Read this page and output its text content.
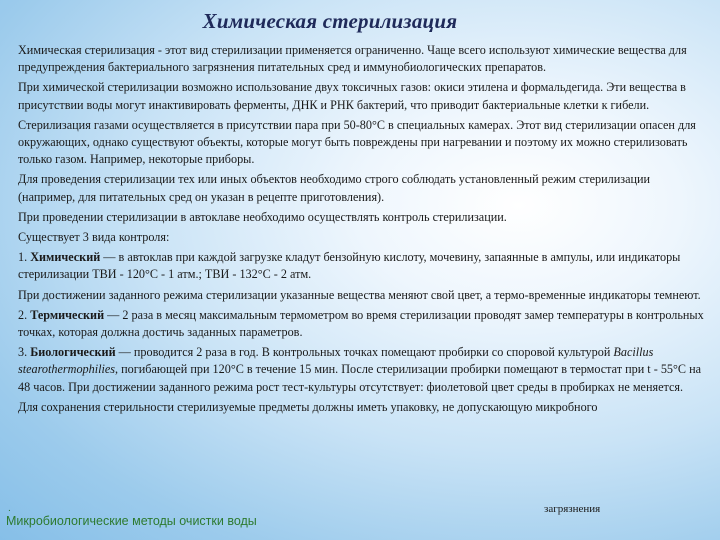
Химическая стерилизация

Химическая стерилизация - этот вид стерилизации применяется ограниченно. Чаще всего используют химические вещества для предупреждения бактериального загрязнения питательных сред и иммунобиологических препаратов.

При химической стерилизации возможно использование двух токсичных газов: окиси этилена и формальдегида. Эти вещества в присутствии воды могут инактивировать ферменты, ДНК и РНК бактерий, что приводит бактериальные клетки к гибели.

Стерилизация газами осуществляется в присутствии пара при 50-80°С в специальных камерах. Этот вид стерилизации опасен для окружающих, однако существуют объекты, которые могут быть повреждены при нагревании и поэтому их можно стерилизовать только газом. Например, некоторые приборы.

Для проведения стерилизации тех или иных объектов необходимо строго соблюдать установленный режим стерилизации (например, для питательных сред он указан в рецепте приготовления).

При проведении стерилизации в автоклаве необходимо осуществлять контроль стерилизации.

Существует 3 вида контроля:

1. Химический — в автоклав при каждой загрузке кладут бензойную кислоту, мочевину, запаянные в ампулы, или индикаторы стерилизации ТВИ - 120°С - 1 атм.; ТВИ - 132°С - 2 атм.

При достижении заданного режима стерилизации указанные вещества меняют свой цвет, а термо-временные индикаторы темнеют.

2. Термический — 2 раза в месяц максимальным термометром во время стерилизации проводят замер температуры в контрольных точках, которая должна достичь заданных параметров.

3. Биологический — проводится 2 раза в год. В контрольных точках помещают пробирки со споровой культурой Bacillus stearothermophilies, погибающей при 120°С в течение 15 мин. После стерилизации пробирки помещают в термостат при t - 55°С на 48 часов. При достижении заданного режима рост тест-культуры отсутствует: фиолетовой цвет среды в пробирках не меняется.

Для сохранения стерильности стерилизуемые предметы должны иметь упаковку, не допускающую микробного

загрязнения
.
Микробиологические методы очистки воды
